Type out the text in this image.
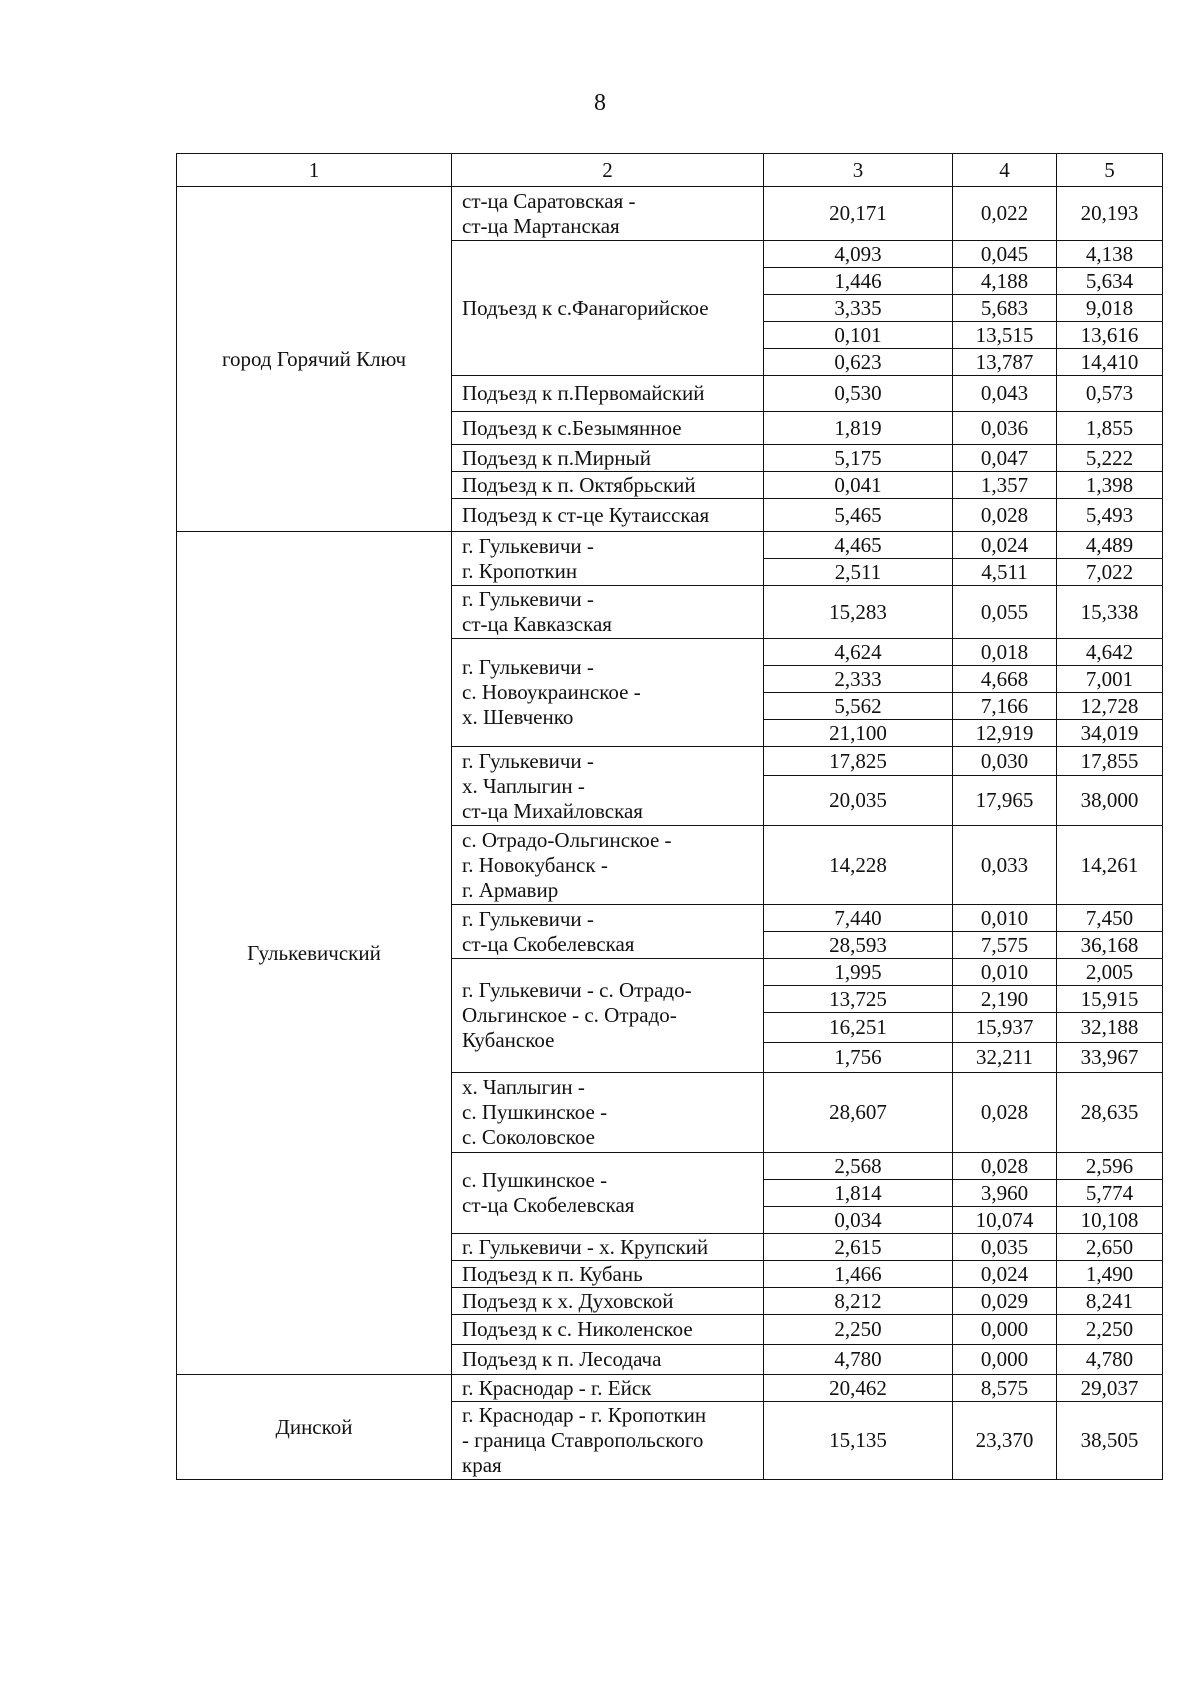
8
1	2	3	4	5
город Горячий Ключ	ст-ца Саратовская -
ст-ца Мартанская	20,171	0,022	20,193
	Подъезд к с.Фанагорийское	4,093	0,045	4,138
		1,446	4,188	5,634
		3,335	5,683	9,018
		0,101	13,515	13,616
		0,623	13,787	14,410
	Подъезд к п.Первомайский	0,530	0,043	0,573
	Подъезд к с.Безымянное	1,819	0,036	1,855
	Подъезд к п.Мирный	5,175	0,047	5,222
	Подъезд к п. Октябрьский	0,041	1,357	1,398
	Подъезд к ст-це Кутаисская	5,465	0,028	5,493
Гулькевичский	г. Гулькевичи -
г. Кропоткин	4,465	0,024	4,489
		2,511	4,511	7,022
	г. Гулькевичи -
ст-ца Кавказская	15,283	0,055	15,338
	г. Гулькевичи -
с. Новоукраинское -
х. Шевченко	4,624	0,018	4,642
		2,333	4,668	7,001
		5,562	7,166	12,728
		21,100	12,919	34,019
	г. Гулькевичи -
х. Чаплыгин -
ст-ца Михайловская	17,825	0,030	17,855
		20,035	17,965	38,000
	с. Отрадо-Ольгинское -
г. Новокубанск -
г. Армавир	14,228	0,033	14,261
	г. Гулькевичи -
ст-ца Скобелевская	7,440	0,010	7,450
		28,593	7,575	36,168
	г. Гулькевичи - с. Отрадо-
Ольгинское - с. Отрадо-
Кубанское	1,995	0,010	2,005
		13,725	2,190	15,915
		16,251	15,937	32,188
		1,756	32,211	33,967
	х. Чаплыгин -
с. Пушкинское -
с. Соколовское	28,607	0,028	28,635
	с. Пушкинское -
ст-ца Скобелевская	2,568	0,028	2,596
		1,814	3,960	5,774
		0,034	10,074	10,108
	г. Гулькевичи - х. Крупский	2,615	0,035	2,650
	Подъезд к п. Кубань	1,466	0,024	1,490
	Подъезд к х. Духовской	8,212	0,029	8,241
	Подъезд к с. Николенское	2,250	0,000	2,250
	Подъезд к п. Лесодача	4,780	0,000	4,780
Динской	г. Краснодар - г. Ейск	20,462	8,575	29,037
	г. Краснодар - г. Кропоткин
- граница Ставропольского
края	15,135	23,370	38,505
